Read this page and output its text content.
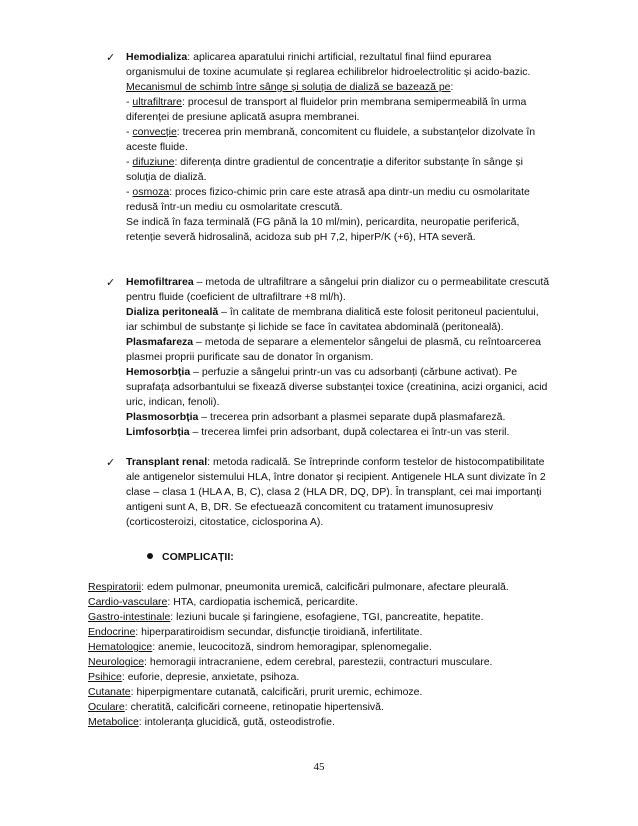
✓	Hemodializa: aplicarea aparatului rinichi artificial, rezultatul final fiind epurarea
organismului de toxine acumulate și reglarea echilibrelor hidroelectrolitic și acido-bazic.
Mecanismul de schimb între sânge și soluția de dializă se bazează pe:
- ultrafiltrare: procesul de transport al fluidelor prin membrana semipermeabilă în urma
diferenței de presiune aplicată asupra membranei.
- convecție: trecerea prin membrană, concomitent cu fluidele, a substanțelor dizolvate în
aceste fluide.
- difuziune: diferența dintre gradientul de concentrație a diferitor substanțe în sânge și
soluția de dializă.
- osmoza: proces fizico-chimic prin care este atrasă apa dintr-un mediu cu osmolaritate
redusă într-un mediu cu osmolaritate crescută.
Se indică în faza terminală (FG până la 10 ml/min), pericardita, neuropatie periferică,
retenție severă hidrosalină, acidoza sub pH 7,2, hiperP/K (+6), HTA severă.
✓	Hemofiltrarea – metoda de ultrafiltrare a sângelui prin dializor cu o permeabilitate crescută
pentru fluide (coeficient de ultrafiltrare +8 ml/h).
Dializa peritoneală – în calitate de membrana dialitică este folosit peritoneul pacientului,
iar schimbul de substanțe și lichide se face în cavitatea abdominală (peritoneală).
Plasmafareza – metoda de separare a elementelor sângelui de plasmă, cu reîntoarcerea
plasmei proprii purificate sau de donator în organism.
Hemosorbția – perfuzie a sângelui printr-un vas cu adsorbanți (cărbune activat). Pe
suprafața adsorbantului se fixează diverse substanței toxice (creatinina, acizi organici, acid
uric, indican, fenoli).
Plasmosorbția – trecerea prin adsorbant a plasmei separate după plasmafareză.
Limfosorbția – trecerea limfei prin adsorbant, după colectarea ei într-un vas steril.
✓	Transplant renal: metoda radicală. Se întreprinde conform testelor de histocompatibilitate
ale antigenelor sistemului HLA, între donator și recipient. Antigenele HLA sunt divizate în 2
clase – clasa 1 (HLA A, B, C), clasa 2 (HLA DR, DQ, DP). În transplant, cei mai importanți
antigeni sunt A, B, DR. Se efectuează concomitent cu tratament imunosupresiv
(corticosteroizi, citostatice, ciclosporina A).
COMPLICAȚII:
Respiratorii: edem pulmonar, pneumonita uremică, calcificări pulmonare, afectare pleurală.
Cardio-vasculare: HTA, cardiopatia ischemică, pericardite.
Gastro-intestinale: leziuni bucale și faringiene, esofagiene, TGI, pancreatite, hepatite.
Endocrine: hiperparatiroidism secundar, disfuncție tiroidiană, infertilitate.
Hematologice: anemie, leucocitoză, sindrom hemoragipar, splenomegalie.
Neurologice: hemoragii intracraniene, edem cerebral, parestezii, contracturi musculare.
Psihice: euforie, depresie, anxietate, psihoza.
Cutanate: hiperpigmentare cutanată, calcificări, prurit uremic, echimoze.
Oculare: cheratită, calcificări corneene, retinopatie hipertensivă.
Metabolice: intoleranța glucidică, gută, osteodistrofie.
45
